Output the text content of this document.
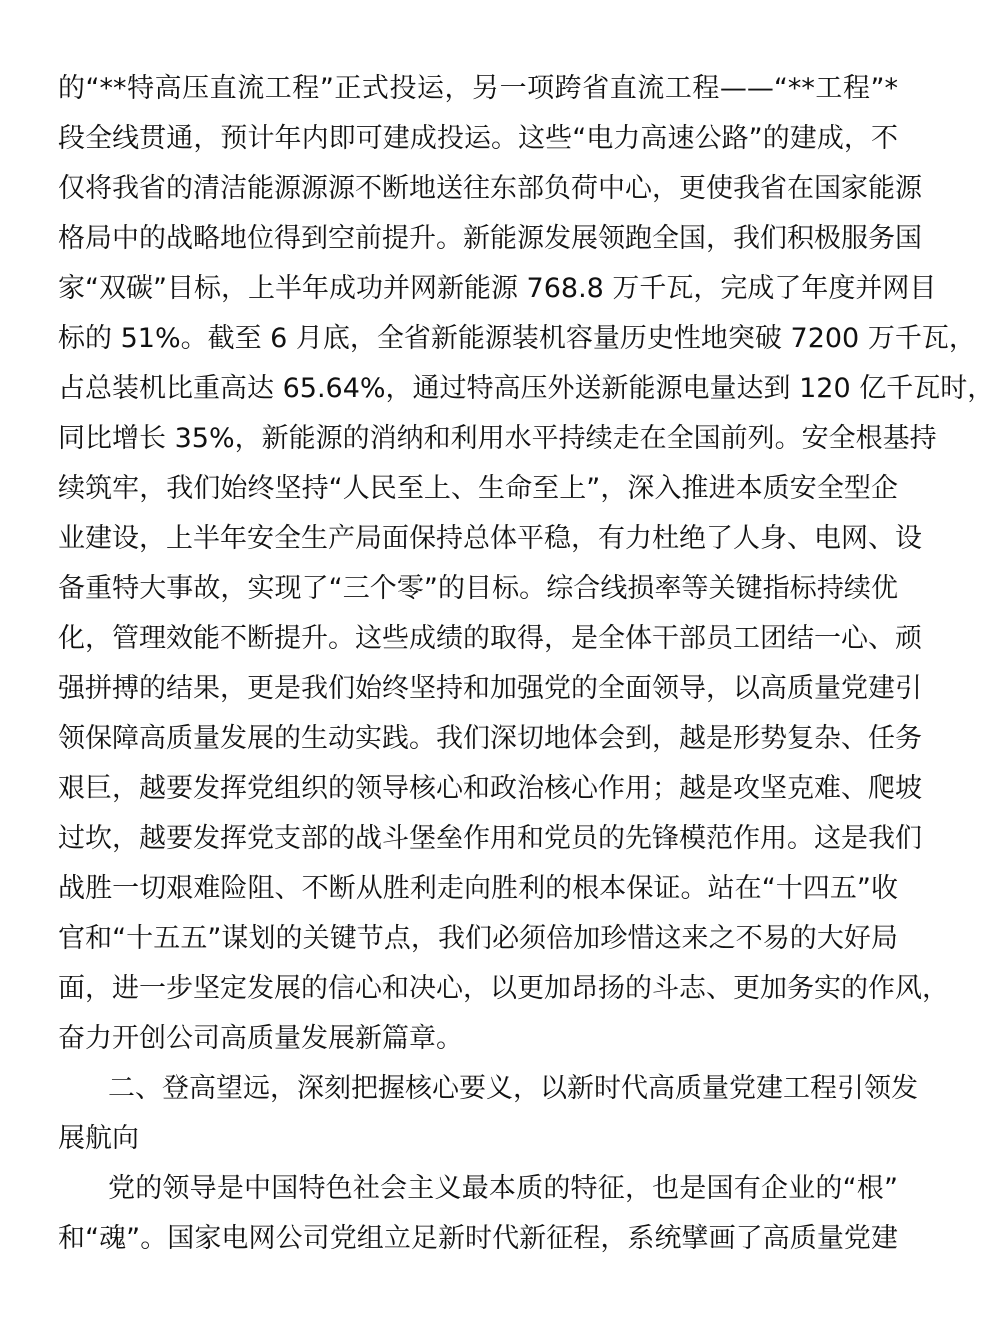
的“**特高压直流工程”正式投运，另一项跨省直流工程——“**工程”*
段全线贯通，预计年内即可建成投运。这些“电力高速公路”的建成，不
仅将我省的清洁能源源源不断地送往东部负荷中心，更使我省在国家能源
格局中的战略地位得到空前提升。新能源发展领跑全国，我们积极服务国
家“双碳”目标，上半年成功并网新能源 768.8 万千瓦，完成了年度并网目
标的 51%。截至 6 月底，全省新能源装机容量历史性地突破 7200 万千瓦，
占总装机比重高达 65.64%，通过特高压外送新能源电量达到 120 亿千瓦时，
同比增长 35%，新能源的消纳和利用水平持续走在全国前列。安全根基持
续筑牢，我们始终坚持“人民至上、生命至上”，深入推进本质安全型企
业建设，上半年安全生产局面保持总体平稳，有力杜绝了人身、电网、设
备重特大事故，实现了“三个零”的目标。综合线损率等关键指标持续优
化，管理效能不断提升。这些成绩的取得，是全体干部员工团结一心、顽
强拼搏的结果，更是我们始终坚持和加强党的全面领导，以高质量党建引
领保障高质量发展的生动实践。我们深切地体会到，越是形势复杂、任务
艰巨，越要发挥党组织的领导核心和政治核心作用；越是攻坚克难、爬坡
过坎，越要发挥党支部的战斗堡垒作用和党员的先锋模范作用。这是我们
战胜一切艰难险阻、不断从胜利走向胜利的根本保证。站在“十四五”收
官和“十五五”谋划的关键节点，我们必须倍加珍惜这来之不易的大好局
面，进一步坚定发展的信心和决心，以更加昂扬的斗志、更加务实的作风，
奋力开创公司高质量发展新篇章。
二、登高望远，深刻把握核心要义，以新时代高质量党建工程引领发
展航向
党的领导是中国特色社会主义最本质的特征，也是国有企业的“根”
和“魂”。国家电网公司党组立足新时代新征程，系统擘画了高质量党建
